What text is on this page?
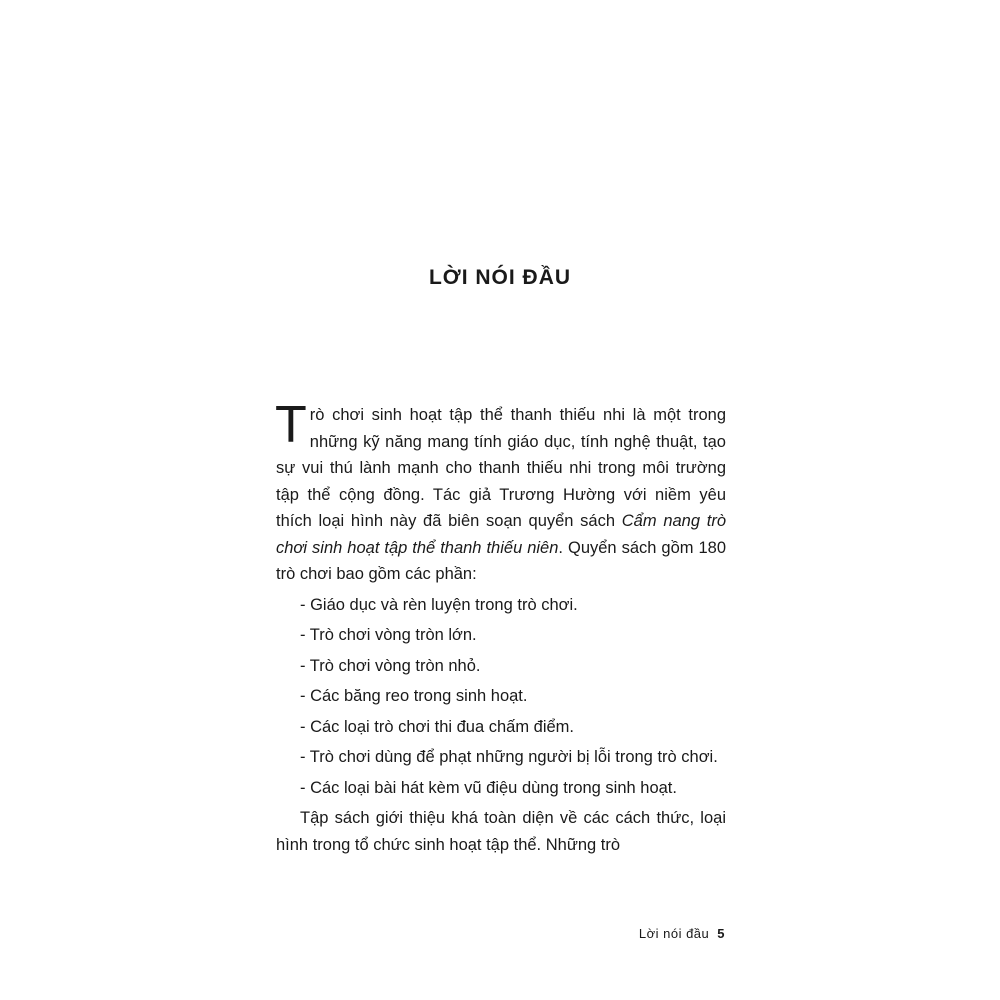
LỜI NÓI ĐẦU

Trò chơi sinh hoạt tập thể thanh thiếu nhi là một trong những kỹ năng mang tính giáo dục, tính nghệ thuật, tạo sự vui thú lành mạnh cho thanh thiếu nhi trong môi trường tập thể cộng đồng. Tác giả Trương Hường với niềm yêu thích loại hình này đã biên soạn quyển sách Cẩm nang trò chơi sinh hoạt tập thể thanh thiếu niên. Quyển sách gồm 180 trò chơi bao gồm các phần:

- Giáo dục và rèn luyện trong trò chơi.

- Trò chơi vòng tròn lớn.

- Trò chơi vòng tròn nhỏ.

- Các băng reo trong sinh hoạt.

- Các loại trò chơi thi đua chấm điểm.

- Trò chơi dùng để phạt những người bị lỗi trong trò chơi.

- Các loại bài hát kèm vũ điệu dùng trong sinh hoạt.

Tập sách giới thiệu khá toàn diện về các cách thức, loại hình trong tổ chức sinh hoạt tập thể. Những trò

Lời nói đầu 5
